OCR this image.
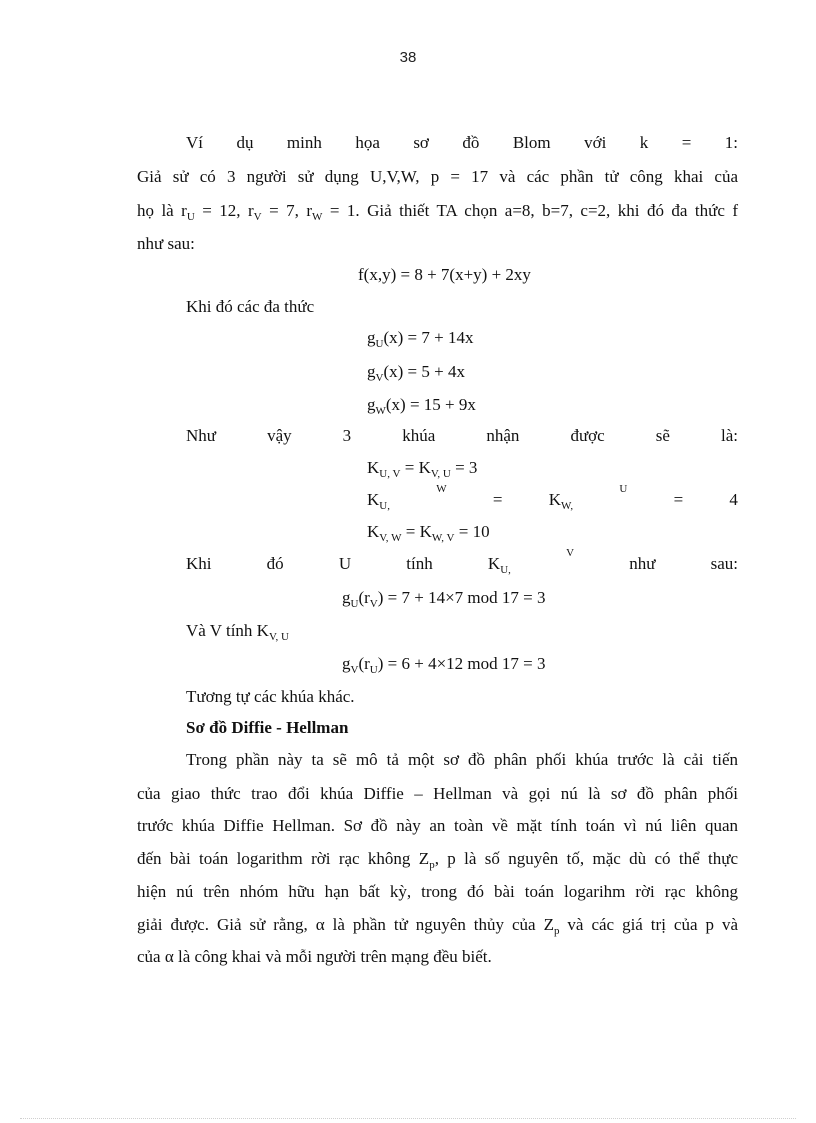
38
Ví dụ minh họa sơ đồ Blom với k = 1:
Giả sử có 3 người sử dụng U,V,W, p = 17 và các phần tử công khai của
họ là $r_U = 12$, $r_V = 7$, $r_W = 1$. Giả thiết TA chọn a=8, b=7, c=2, khi đó đa thức f
như sau:
f(x,y) = 8 + 7(x+y) + 2xy
Khi đó các đa thức
$g_U(x) = 7 + 14x$
$g_V(x) = 5 + 4x$
$g_W(x) = 15 + 9x$
Như	vậy	3	khúa	nhận	được	sẽ	là:
$K_{U, V} = K_{V, U} = 3$
$K_{U,}$
W
=	$K_{W,}$
U
=	4
$K_{V, W} = K_{W, V} = 10$
Khi	đó	U	tính	$K_{U,}$
V
như	sau:
$g_U(r_V) = 7 + 14\times 7$ mod 17 = 3
Và V tính $K_{V, U}$
$g_V(r_U) = 6 + 4\times 12$ mod 17 = 3
Tương tự các khúa khác.
Sơ đồ Diffie - Hellman
Trong phần này ta sẽ mô tả một sơ đồ phân phối khúa trước là cải tiến
của giao thức trao đổi khúa Diffie – Hellman và gọi nú là sơ đồ phân phối
trước khúa Diffie Hellman. Sơ đồ này an toàn về mặt tính toán vì nú liên quan
đến bài toán logarithm rời rạc không $Z_p$, p là số nguyên tố, mặc dù có thể thực
hiện nú trên nhóm hữu hạn bất kỳ, trong đó bài toán logarihm rời rạc không
giải được. Giả sử rằng, α là phần tử nguyên thủy của $Z_p$ và các giá trị của p và
của α là công khai và mỗi người trên mạng đều biết.
